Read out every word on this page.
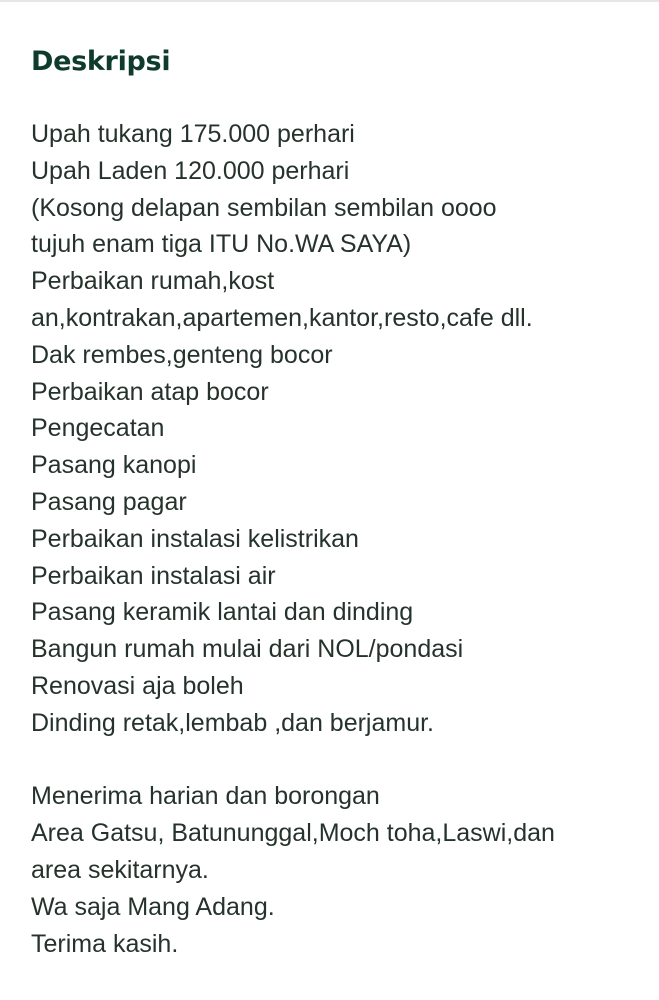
Deskripsi
Upah tukang 175.000 perhari
Upah Laden 120.000 perhari
(Kosong delapan sembilan sembilan oooo
tujuh enam tiga ITU No.WA SAYA)
Perbaikan rumah,kost
an,kontrakan,apartemen,kantor,resto,cafe dll.
Dak rembes,genteng bocor
Perbaikan atap bocor
Pengecatan
Pasang kanopi
Pasang pagar
Perbaikan instalasi kelistrikan
Perbaikan instalasi air
Pasang keramik lantai dan dinding
Bangun rumah mulai dari NOL/pondasi
Renovasi aja boleh
Dinding retak,lembab ,dan berjamur.
Menerima harian dan borongan
Area Gatsu, Batununggal,Moch toha,Laswi,dan
area sekitarnya.
Wa saja Mang Adang.
Terima kasih.
